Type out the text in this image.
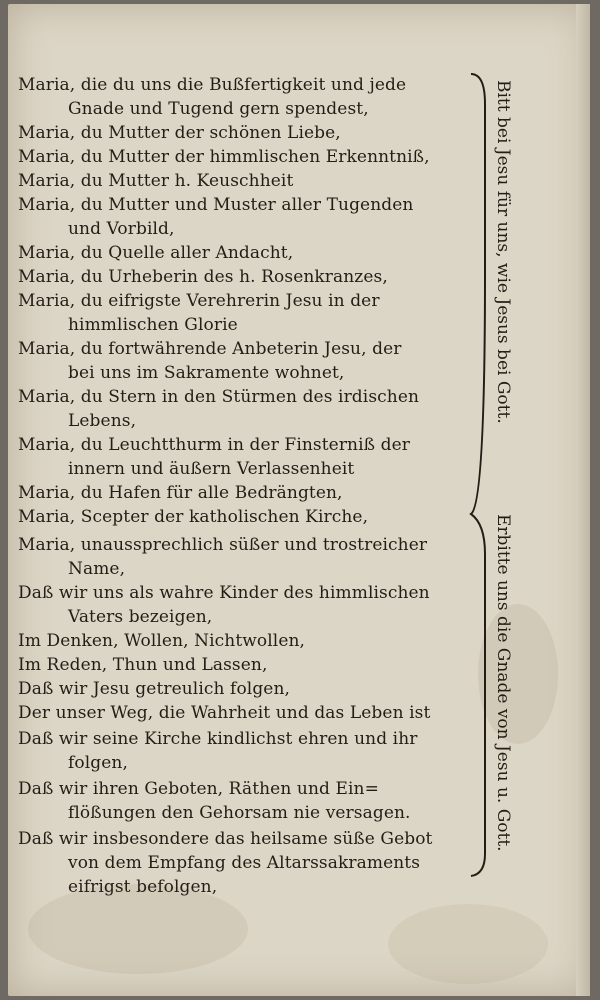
Maria, die du uns die Bußfertigkeit und jede
Gnade und Tugend gern spendest,
Maria, du Mutter der schönen Liebe,
Maria, du Mutter der himmlischen Erkenntniß,
Maria, du Mutter h. Keuschheit
Maria, du Mutter und Muster aller Tugenden
und Vorbild,
Maria, du Quelle aller Andacht,
Maria, du Urheberin des h. Rosenkranzes,
Maria, du eifrigste Verehrerin Jesu in der
himmlischen Glorie
Maria, du fortwährende Anbeterin Jesu, der
bei uns im Sakramente wohnet,
Maria, du Stern in den Stürmen des irdischen
Lebens,
Maria, du Leuchtthurm in der Finsterniß der
innern und äußern Verlassenheit
Maria, du Hafen für alle Bedrängten,
Maria, Scepter der katholischen Kirche,
Maria, unaussprechlich süßer und trostreicher
Name,
Daß wir uns als wahre Kinder des himmlischen
Vaters bezeigen,
Im Denken, Wollen, Nichtwollen,
Im Reden, Thun und Lassen,
Daß wir Jesu getreulich folgen,
Der unser Weg, die Wahrheit und das Leben ist
Daß wir seine Kirche kindlichst ehren und ihr
folgen,
Daß wir ihren Geboten, Räthen und Ein=
flößungen den Gehorsam nie versagen.
Daß wir insbesondere das heilsame süße Gebot
von dem Empfang des Altarssakraments
eifrigst befolgen,
Bitt bei Jesu für uns, wie Jesus bei Gott.
Erbitte uns die Gnade von Jesu u. Gott.
